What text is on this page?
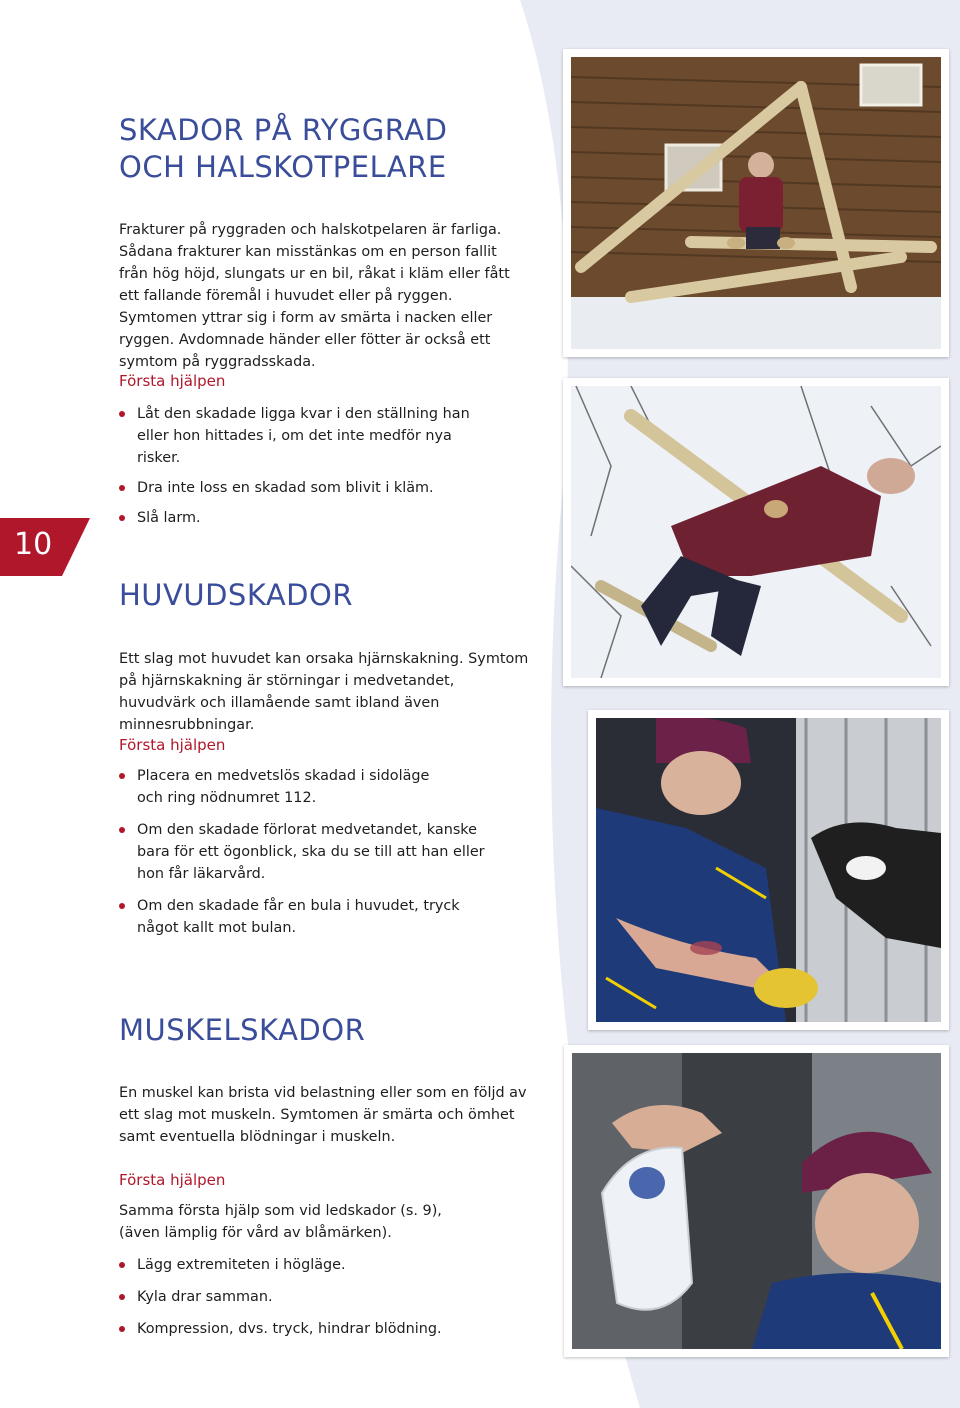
10
SKADOR PÅ RYGGRAD
OCH HALSKOTPELARE

Frakturer på ryggraden och halskotpelaren är farliga. Sådana frakturer kan misstänkas om en person fallit från hög höjd, slungats ur en bil, råkat i kläm eller fått ett fallande föremål i huvudet eller på ryggen. Symtomen yttrar sig i form av smärta i nacken eller ryggen. Avdomnade händer eller fötter är också ett symtom på ryggradsskada.

Första hjälpen
Låt den skadade ligga kvar i den ställning han eller hon hittades i, om det inte medför nya risker.
Dra inte loss en skadad som blivit i kläm.
Slå larm.
HUVUDSKADOR

Ett slag mot huvudet kan orsaka hjärnskakning. Symtom på hjärnskakning är störningar i medvetandet, huvudvärk och illamående samt ibland även minnesrubbningar.

Första hjälpen
Placera en medvetslös skadad i sidoläge och ring nödnumret 112.
Om den skadade förlorat medvetandet, kanske bara för ett ögonblick, ska du se till att han eller hon får läkarvård.
Om den skadade får en bula i huvudet, tryck något kallt mot bulan.
MUSKELSKADOR

En muskel kan brista vid belastning eller som en följd av ett slag mot muskeln. Symtomen är smärta och ömhet samt eventuella blödningar i muskeln.

Första hjälpen

Samma första hjälp som vid ledskador (s. 9), (även lämplig för vård av blåmärken).

Lägg extremiteten i högläge.
Kyla drar samman.
Kompression, dvs. tryck, hindrar blödning.
